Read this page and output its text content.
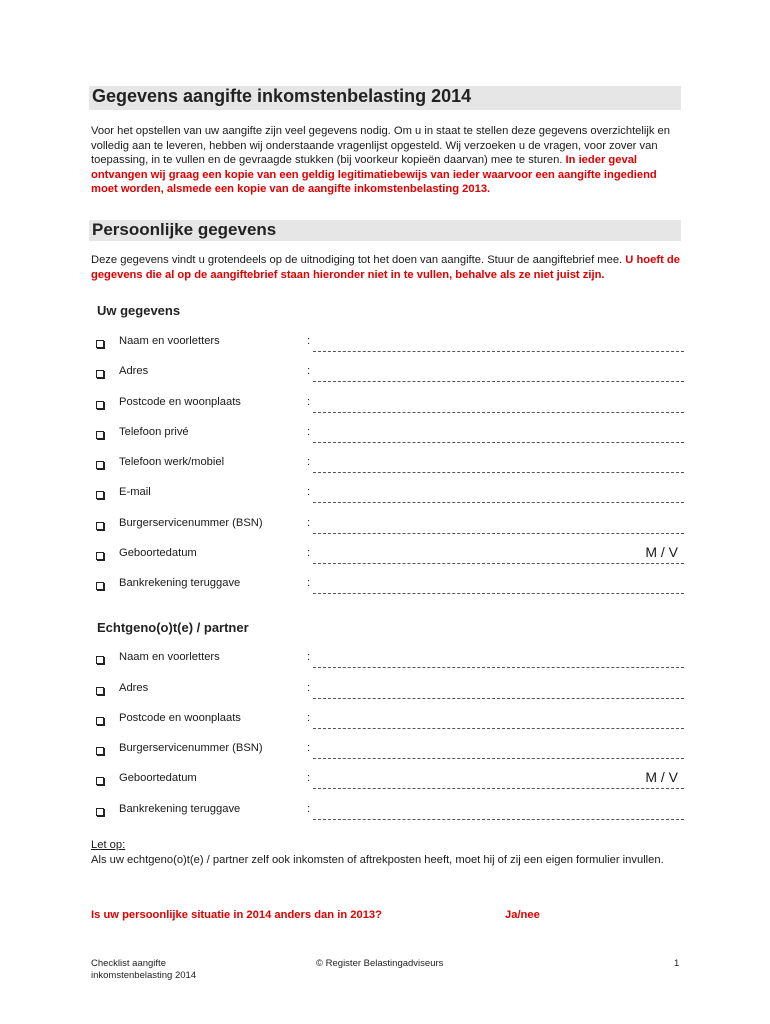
Gegevens aangifte inkomstenbelasting 2014
Voor het opstellen van uw aangifte zijn veel gegevens nodig. Om u in staat te stellen deze gegevens overzichtelijk en volledig aan te leveren, hebben wij onderstaande vragenlijst opgesteld. Wij verzoeken u de vragen, voor zover van toepassing, in te vullen en de gevraagde stukken (bij voorkeur kopieën daarvan) mee te sturen. In ieder geval ontvangen wij graag een kopie van een geldig legitimatiebewijs van ieder waarvoor een aangifte ingediend moet worden, alsmede een kopie van de aangifte inkomstenbelasting 2013.
Persoonlijke gegevens
Deze gegevens vindt u grotendeels op de uitnodiging tot het doen van aangifte. Stuur de aangiftebrief mee. U hoeft de gegevens die al op de aangiftebrief staan hieronder niet in te vullen, behalve als ze niet juist zijn.
Uw gegevens
Naam en voorletters	:
Adres	:
Postcode en woonplaats	:
Telefoon privé	:
Telefoon werk/mobiel	:
E-mail	:
Burgerservicenummer (BSN)	:
Geboortedatum	:	M / V
Bankrekening teruggave	:
Echtgeno(o)t(e) / partner
Naam en voorletters	:
Adres	:
Postcode en woonplaats	:
Burgerservicenummer (BSN)	:
Geboortedatum	:	M / V
Bankrekening teruggave	:
Let op:
Als uw echtgeno(o)t(e) / partner zelf ook inkomsten of aftrekposten heeft, moet hij of zij een eigen formulier invullen.
Is uw persoonlijke situatie in 2014 anders dan in 2013?	Ja/nee
Checklist aangifte
inkomstenbelasting 2014
© Register Belastingadviseurs	1
